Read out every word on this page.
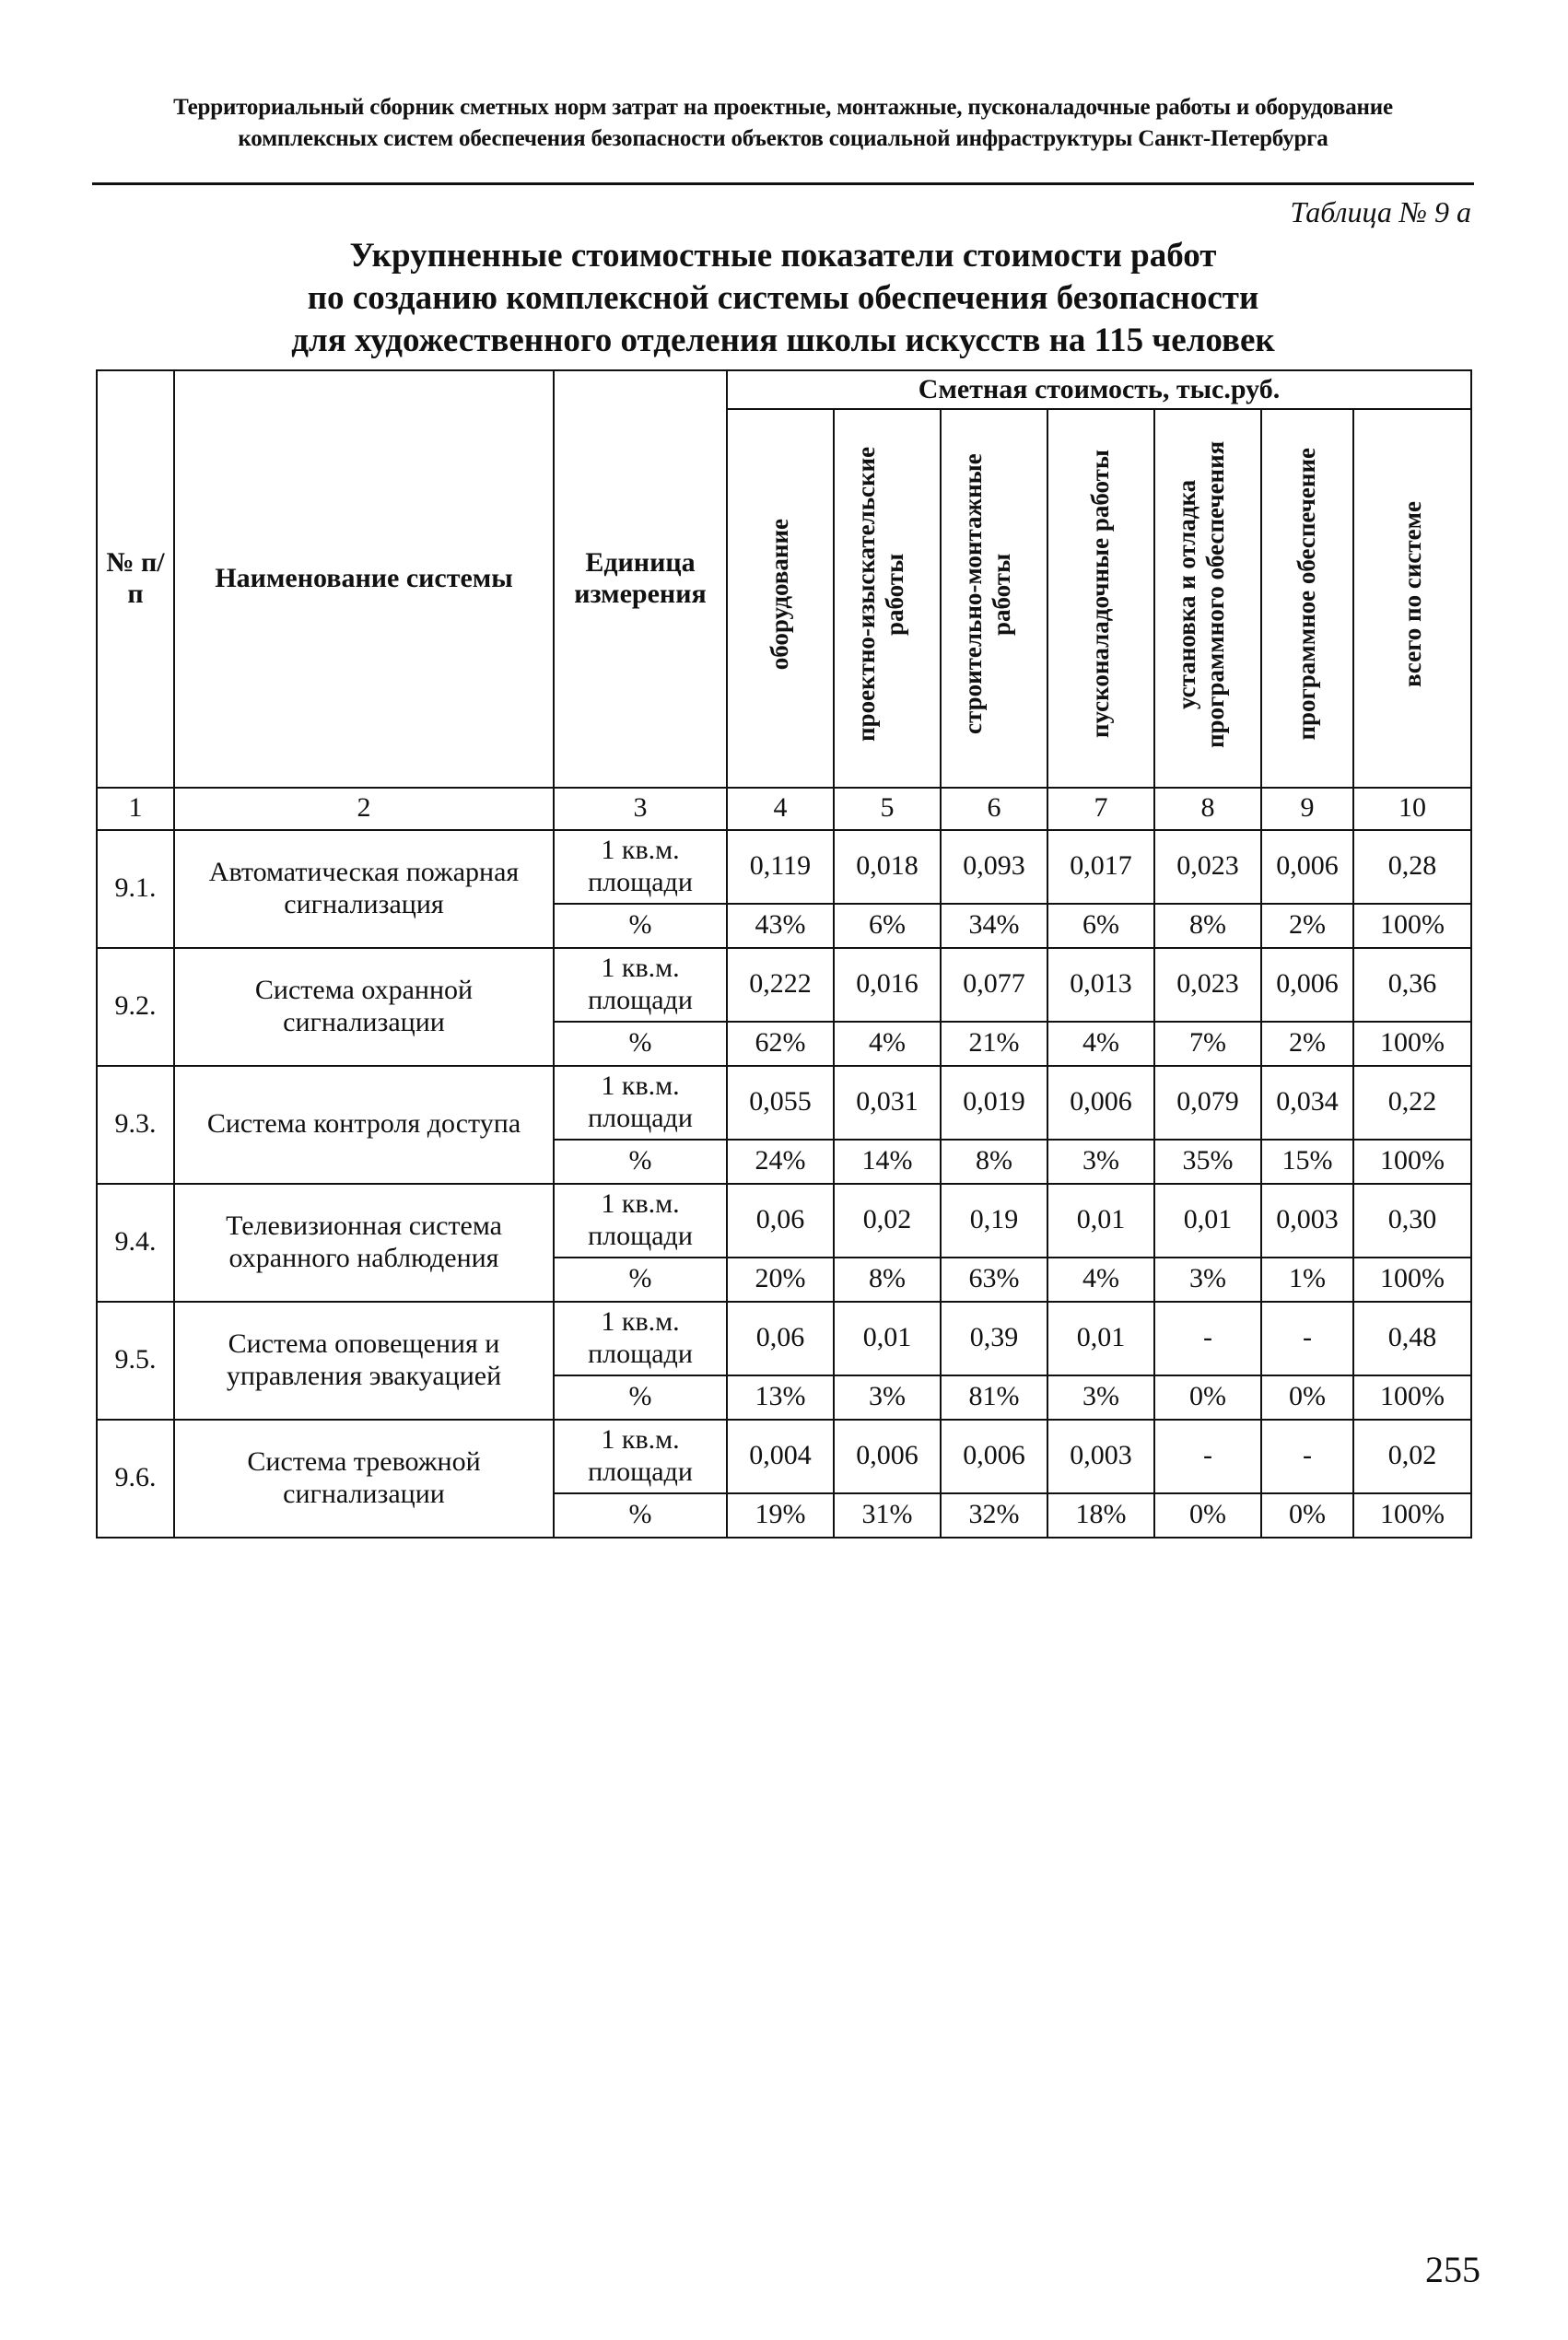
Территориальный сборник сметных норм затрат на проектные, монтажные, пусконаладочные работы и оборудование
комплексных систем обеспечения безопасности объектов социальной инфраструктуры Санкт-Петербурга
Таблица № 9 а
Укрупненные стоимостные показатели стоимости работ
по созданию комплексной системы обеспечения безопасности
для художественного отделения школы искусств на 115 человек
№ п/п	Наименование системы	Единица измерения	Сметная стоимость, тыс.руб.						
			оборудование	проектно-изыскательские работы	строительно-монтажные работы	пусконаладочные работы	установка и отладка программного обеспечения	программное обеспечение	всего по системе
1	2	3	4	5	6	7	8	9	10
9.1.	Автоматическая пожарная сигнализация	1 кв.м. площади	0,119	0,018	0,093	0,017	0,023	0,006	0,28
		%	43%	6%	34%	6%	8%	2%	100%
9.2.	Система охранной сигнализации	1 кв.м. площади	0,222	0,016	0,077	0,013	0,023	0,006	0,36
		%	62%	4%	21%	4%	7%	2%	100%
9.3.	Система контроля доступа	1 кв.м. площади	0,055	0,031	0,019	0,006	0,079	0,034	0,22
		%	24%	14%	8%	3%	35%	15%	100%
9.4.	Телевизионная система охранного наблюдения	1 кв.м. площади	0,06	0,02	0,19	0,01	0,01	0,003	0,30
		%	20%	8%	63%	4%	3%	1%	100%
9.5.	Система оповещения и управления эвакуацией	1 кв.м. площади	0,06	0,01	0,39	0,01	-	-	0,48
		%	13%	3%	81%	3%	0%	0%	100%
9.6.	Система тревожной сигнализации	1 кв.м. площади	0,004	0,006	0,006	0,003	-	-	0,02
		%	19%	31%	32%	18%	0%	0%	100%
255
